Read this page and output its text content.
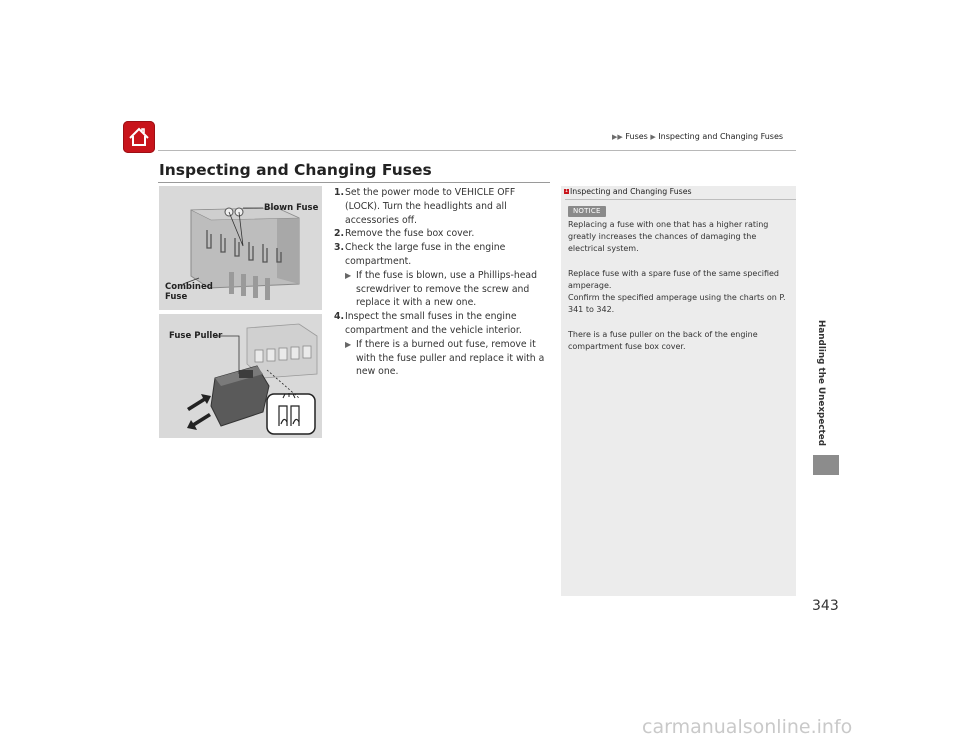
▶▶ Fuses ▶ Inspecting and Changing Fuses
Inspecting and Changing Fuses
Blown Fuse
Combined
Fuse
Fuse Puller
1. Set the power mode to VEHICLE OFF (LOCK). Turn the headlights and all accessories off.
2. Remove the fuse box cover.
3. Check the large fuse in the engine compartment.
▶ If the fuse is blown, use a Phillips-head screwdriver to remove the screw and replace it with a new one.
4. Inspect the small fuses in the engine compartment and the vehicle interior.
▶ If there is a burned out fuse, remove it with the fuse puller and replace it with a new one.
1 Inspecting and Changing Fuses
NOTICE

Replacing a fuse with one that has a higher rating greatly increases the chances of damaging the electrical system.

Replace fuse with a spare fuse of the same specified amperage.
Confirm the specified amperage using the charts on P. 341 to 342.

There is a fuse puller on the back of the engine compartment fuse box cover.	Handling the Unexpected
343
carmanualsonline.info
